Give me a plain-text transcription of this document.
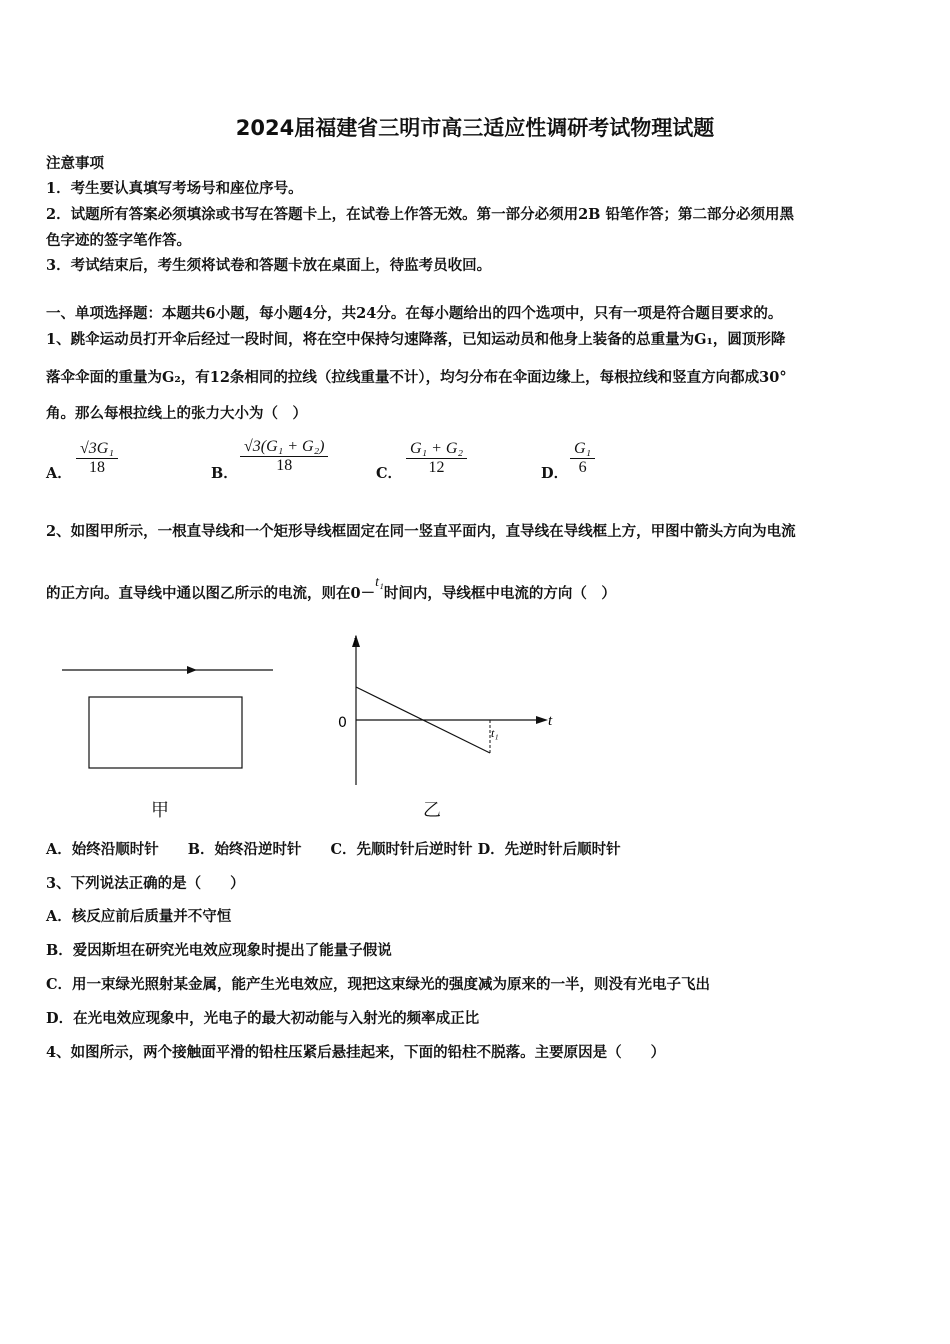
2024届福建省三明市高三适应性调研考试物理试题
注意事项
1．考生要认真填写考场号和座位序号。
2．试题所有答案必须填涂或书写在答题卡上，在试卷上作答无效。第一部分必须用2B 铅笔作答；第二部分必须用黑
色字迹的签字笔作答。
3．考试结束后，考生须将试卷和答题卡放在桌面上，待监考员收回。
一、单项选择题：本题共6小题，每小题4分，共24分。在每小题给出的四个选项中，只有一项是符合题目要求的。
1、跳伞运动员打开伞后经过一段时间，将在空中保持匀速降落，已知运动员和他身上装备的总重量为G₁，圆顶形降
落伞伞面的重量为G₂，有12条相同的拉线（拉线重量不计），均匀分布在伞面边缘上，每根拉线和竖直方向都成30°
角。那么每根拉线上的张力大小为（　）
A． $\frac{\text{√3G₁}}{18}$	B． $\frac{\text{√3(G₁ + G₂)}}{18}$	C． $\frac{\text{G₁ + G₂}}{12}$	D． $\frac{\text{G₁}}{6}$
2、如图甲所示，一根直导线和一个矩形导线框固定在同一竖直平面内，直导线在导线框上方，甲图中箭头方向为电流
的正方向。直导线中通以图乙所示的电流，则在0－t₁时间内，导线框中电流的方向（　）
甲
i
t
0
t₁
乙
A．始终沿顺时针　　B．始终沿逆时针　　C．先顺时针后逆时针 D．先逆时针后顺时针
3、下列说法正确的是（　　）
A．核反应前后质量并不守恒
B．爱因斯坦在研究光电效应现象时提出了能量子假说
C．用一束绿光照射某金属，能产生光电效应，现把这束绿光的强度减为原来的一半，则没有光电子飞出
D．在光电效应现象中，光电子的最大初动能与入射光的频率成正比
4、如图所示，两个接触面平滑的铅柱压紧后悬挂起来，下面的铅柱不脱落。主要原因是（　　）
